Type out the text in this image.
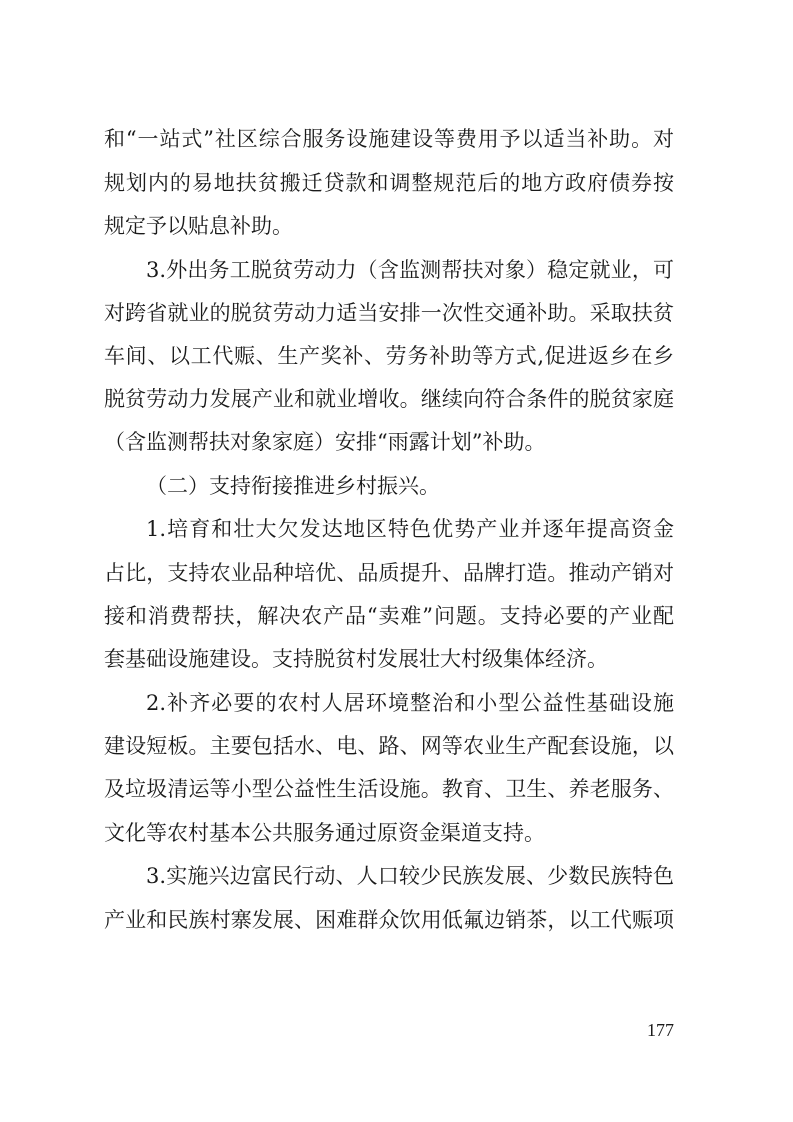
和“一站式”社区综合服务设施建设等费用予以适当补助。对
规划内的易地扶贫搬迁贷款和调整规范后的地方政府债券按
规定予以贴息补助。
3.外出务工脱贫劳动力（含监测帮扶对象）稳定就业，可
对跨省就业的脱贫劳动力适当安排一次性交通补助。采取扶贫
车间、以工代赈、生产奖补、劳务补助等方式,促进返乡在乡
脱贫劳动力发展产业和就业增收。继续向符合条件的脱贫家庭
（含监测帮扶对象家庭）安排“雨露计划”补助。
（二）支持衔接推进乡村振兴。
1.培育和壮大欠发达地区特色优势产业并逐年提高资金
占比，支持农业品种培优、品质提升、品牌打造。推动产销对
接和消费帮扶，解决农产品“卖难”问题。支持必要的产业配
套基础设施建设。支持脱贫村发展壮大村级集体经济。
2.补齐必要的农村人居环境整治和小型公益性基础设施
建设短板。主要包括水、电、路、网等农业生产配套设施，以
及垃圾清运等小型公益性生活设施。教育、卫生、养老服务、
文化等农村基本公共服务通过原资金渠道支持。
3.实施兴边富民行动、人口较少民族发展、少数民族特色
产业和民族村寨发展、困难群众饮用低氟边销茶，以工代赈项
177
